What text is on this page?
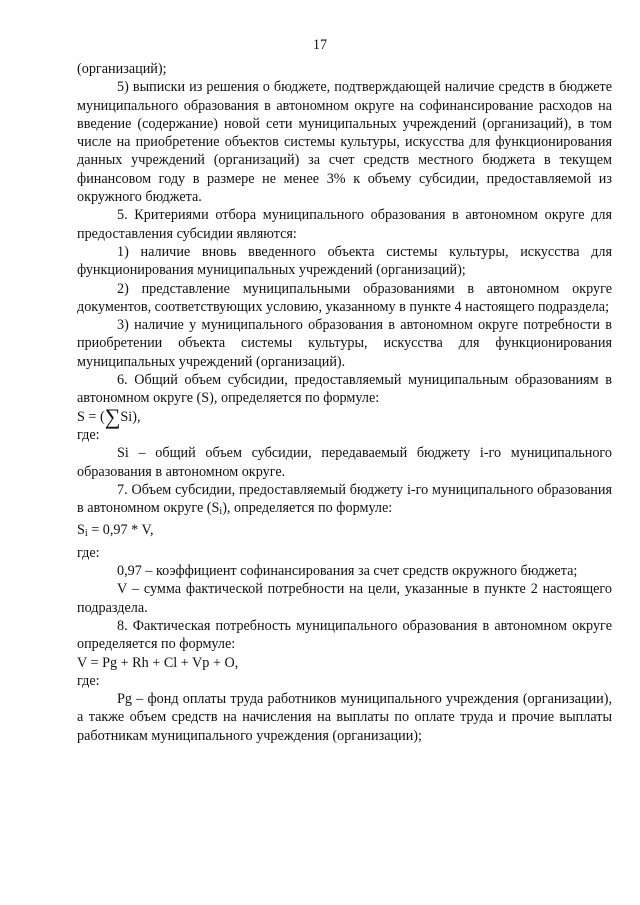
17

(организаций);

5) выписки из решения о бюджете, подтверждающей наличие средств в бюджете муниципального образования в автономном округе на софинансирование расходов на введение (содержание) новой сети муниципальных учреждений (организаций), в том числе на приобретение объектов системы культуры, искусства для функционирования данных учреждений (организаций) за счет средств местного бюджета в текущем финансовом году в размере не менее 3% к объему субсидии, предоставляемой из окружного бюджета.

5. Критериями отбора муниципального образования в автономном округе для предоставления субсидии являются:

1) наличие вновь введенного объекта системы культуры, искусства для функционирования муниципальных учреждений (организаций);

2) представление муниципальными образованиями в автономном округе документов, соответствующих условию, указанному в пункте 4 настоящего подраздела;

3) наличие у муниципального образования в автономном округе потребности в приобретении объекта системы культуры, искусства для функционирования муниципальных учреждений (организаций).

6. Общий объем субсидии, предоставляемый муниципальным образованиям в автономном округе (S), определяется по формуле:

S = (∑Si),

где:

Si – общий объем субсидии, передаваемый бюджету i-го муниципального образования в автономном округе.

7. Объем субсидии, предоставляемый бюджету i-го муниципального образования в автономном округе $(S_i)$, определяется по формуле:

$S_i = 0,97 * V$,

где:

0,97 – коэффициент софинансирования за счет средств окружного бюджета;

V – сумма фактической потребности на цели, указанные в пункте 2 настоящего подраздела.

8. Фактическая потребность муниципального образования в автономном округе определяется по формуле:

V = Pg + Rh + Cl + Vp + O,

где:

Pg – фонд оплаты труда работников муниципального учреждения (организации), а также объем средств на начисления на выплаты по оплате труда и прочие выплаты работникам муниципального учреждения (организации);
